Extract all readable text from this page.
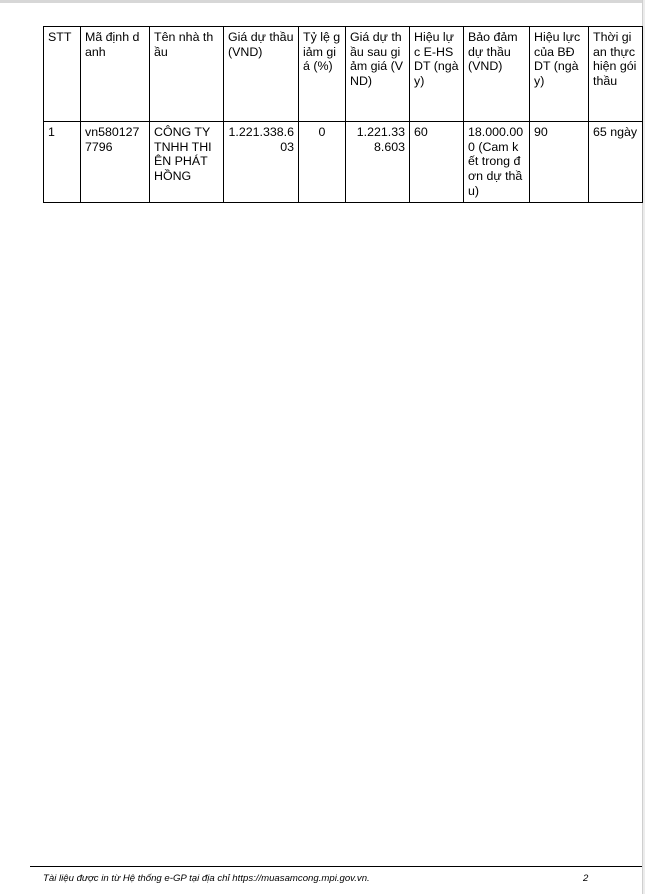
STT	Mã định danh	Tên nhà thầu	Giá dự thầu (VND)	Tỷ lệ giảm giá (%)	Giá dự thầu sau giảm giá (VND)	Hiệu lực E-HSDT (ngày)	Bảo đảm dự thầu (VND)	Hiệu lực của BĐ DT (ngày)	Thời gian thực hiện gói thầu
1	vn5801277796	CÔNG TY TNHH THIÊN PHÁT HỒNG	1.221.338.603	0	1.221.338.603	60	18.000.000 (Cam kết trong đơn dự thầu)	90	65 ngày
Tài liệu được in từ Hệ thống e-GP tại địa chỉ https://muasamcong.mpi.gov.vn.	2
